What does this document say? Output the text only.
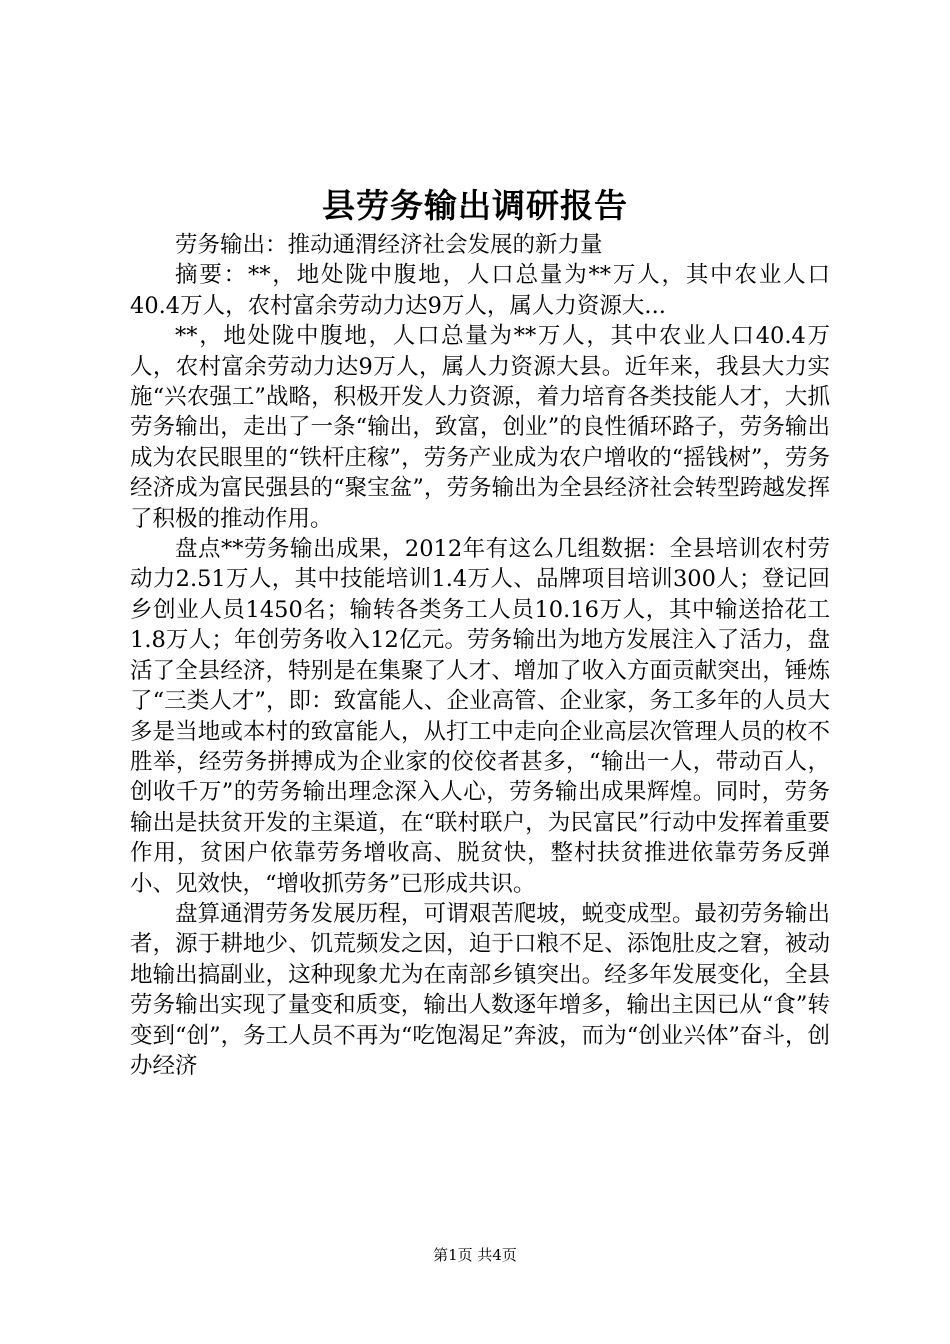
县劳务输出调研报告

劳务输出：推动通渭经济社会发展的新力量

摘要：**，地处陇中腹地，人口总量为**万人，其中农业人口40.4万人，农村富余劳动力达9万人，属人力资源大...

**，地处陇中腹地，人口总量为**万人，其中农业人口40.4万人，农村富余劳动力达9万人，属人力资源大县。近年来，我县大力实施“兴农强工”战略，积极开发人力资源，着力培育各类技能人才，大抓劳务输出，走出了一条“输出，致富，创业”的良性循环路子，劳务输出成为农民眼里的“铁杆庄稼”，劳务产业成为农户增收的“摇钱树”，劳务经济成为富民强县的“聚宝盆”，劳务输出为全县经济社会转型跨越发挥了积极的推动作用。

盘点**劳务输出成果，2012年有这么几组数据：全县培训农村劳动力2.51万人，其中技能培训1.4万人、品牌项目培训300人；登记回乡创业人员1450名；输转各类务工人员10.16万人，其中输送拾花工1.8万人；年创劳务收入12亿元。劳务输出为地方发展注入了活力，盘活了全县经济，特别是在集聚了人才、增加了收入方面贡献突出，锤炼了“三类人才”，即：致富能人、企业高管、企业家，务工多年的人员大多是当地或本村的致富能人，从打工中走向企业高层次管理人员的枚不胜举，经劳务拼搏成为企业家的佼佼者甚多，“输出一人，带动百人，创收千万”的劳务输出理念深入人心，劳务输出成果辉煌。同时，劳务输出是扶贫开发的主渠道，在“联村联户，为民富民”行动中发挥着重要作用，贫困户依靠劳务增收高、脱贫快，整村扶贫推进依靠劳务反弹小、见效快，“增收抓劳务”已形成共识。

盘算通渭劳务发展历程，可谓艰苦爬坡，蜕变成型。最初劳务输出者，源于耕地少、饥荒频发之因，迫于口粮不足、添饱肚皮之窘，被动地输出搞副业，这种现象尤为在南部乡镇突出。经多年发展变化，全县劳务输出实现了量变和质变，输出人数逐年增多，输出主因已从“食”转变到“创”，务工人员不再为“吃饱渴足”奔波，而为“创业兴体”奋斗，创办经济

第1页 共4页
